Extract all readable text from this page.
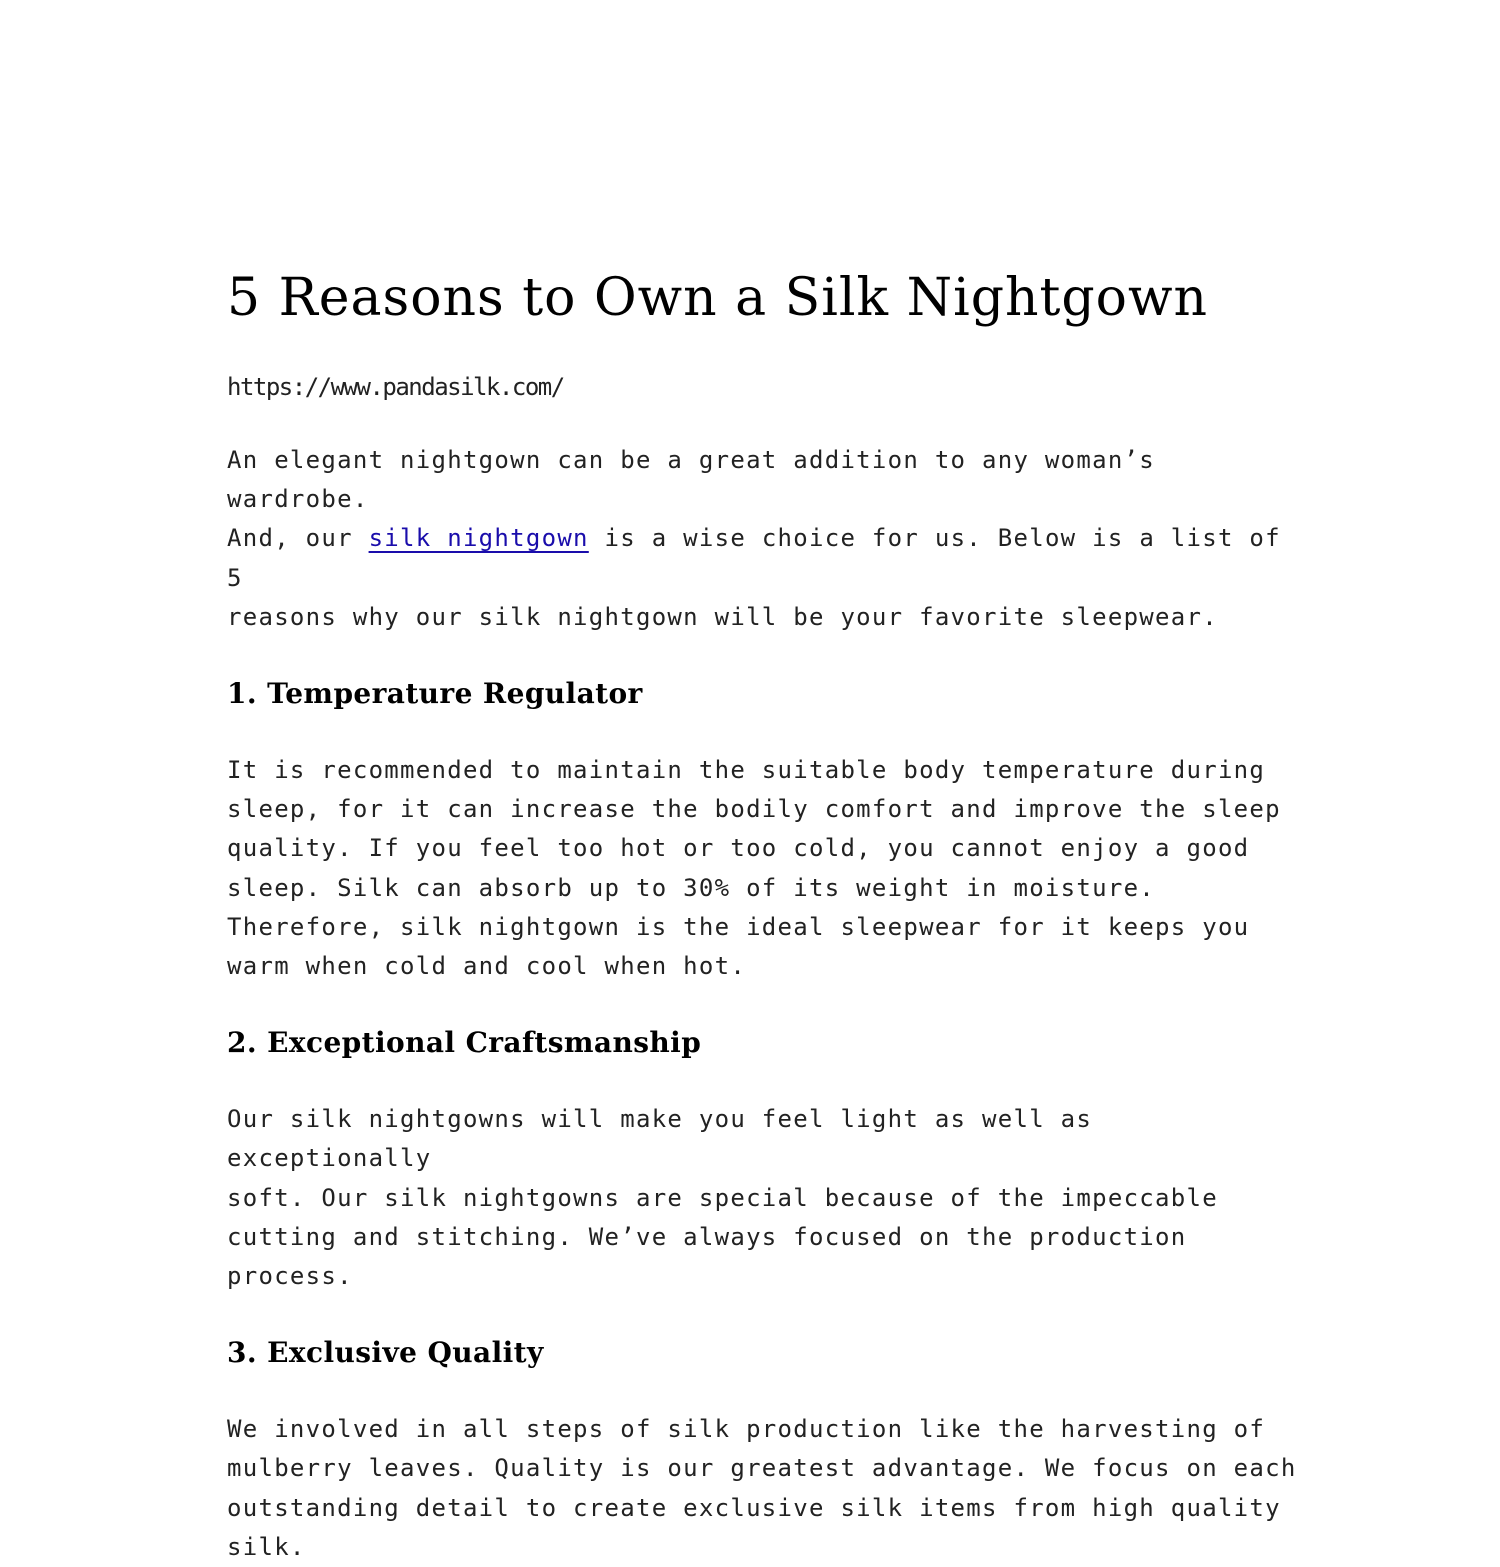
5 Reasons to Own a Silk Nightgown

https://www.pandasilk.com/

An elegant nightgown can be a great addition to any woman’s wardrobe.
And, our silk nightgown is a wise choice for us. Below is a list of 5
reasons why our silk nightgown will be your favorite sleepwear.

1. Temperature Regulator

It is recommended to maintain the suitable body temperature during
sleep, for it can increase the bodily comfort and improve the sleep
quality. If you feel too hot or too cold, you cannot enjoy a good
sleep. Silk can absorb up to 30% of its weight in moisture.
Therefore, silk nightgown is the ideal sleepwear for it keeps you
warm when cold and cool when hot.

2. Exceptional Craftsmanship

Our silk nightgowns will make you feel light as well as exceptionally
soft. Our silk nightgowns are special because of the impeccable
cutting and stitching. We’ve always focused on the production
process.

3. Exclusive Quality

We involved in all steps of silk production like the harvesting of
mulberry leaves. Quality is our greatest advantage. We focus on each
outstanding detail to create exclusive silk items from high quality
silk.
